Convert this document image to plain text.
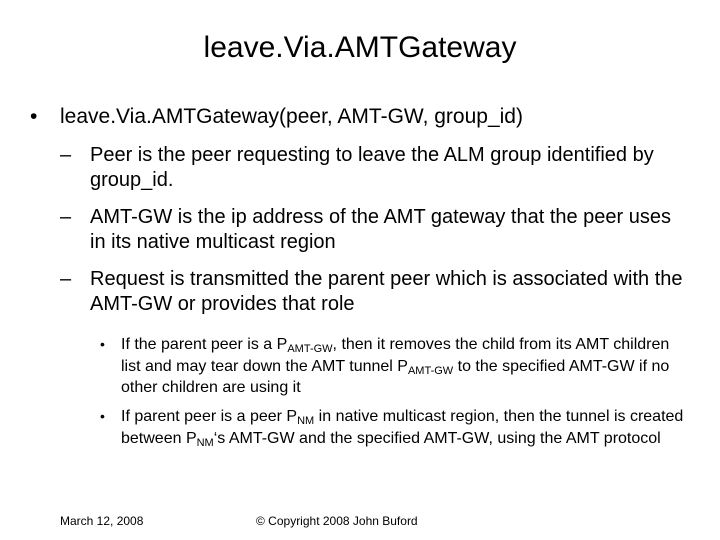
leave.Via.AMTGateway
• leave.Via.AMTGateway(peer, AMT-GW, group_id)
– Peer is the peer requesting to leave the ALM group identified by group_id.
– AMT-GW is the ip address of the AMT gateway that the peer uses in its native multicast region
– Request is transmitted the parent peer which is associated with the AMT-GW or provides that role
• If the parent peer is a $P_{AMT-GW}$, then it removes the child from its AMT children list and may tear down the AMT tunnel $P_{AMT-GW}$ to the specified AMT-GW if no other children are using it
• If parent peer is a peer $P_{NM}$ in native multicast region, then the tunnel is created between $P_{NM}‘s$ AMT-GW and the specified AMT-GW, using the AMT protocol
March 12, 2008	© Copyright 2008 John Buford
